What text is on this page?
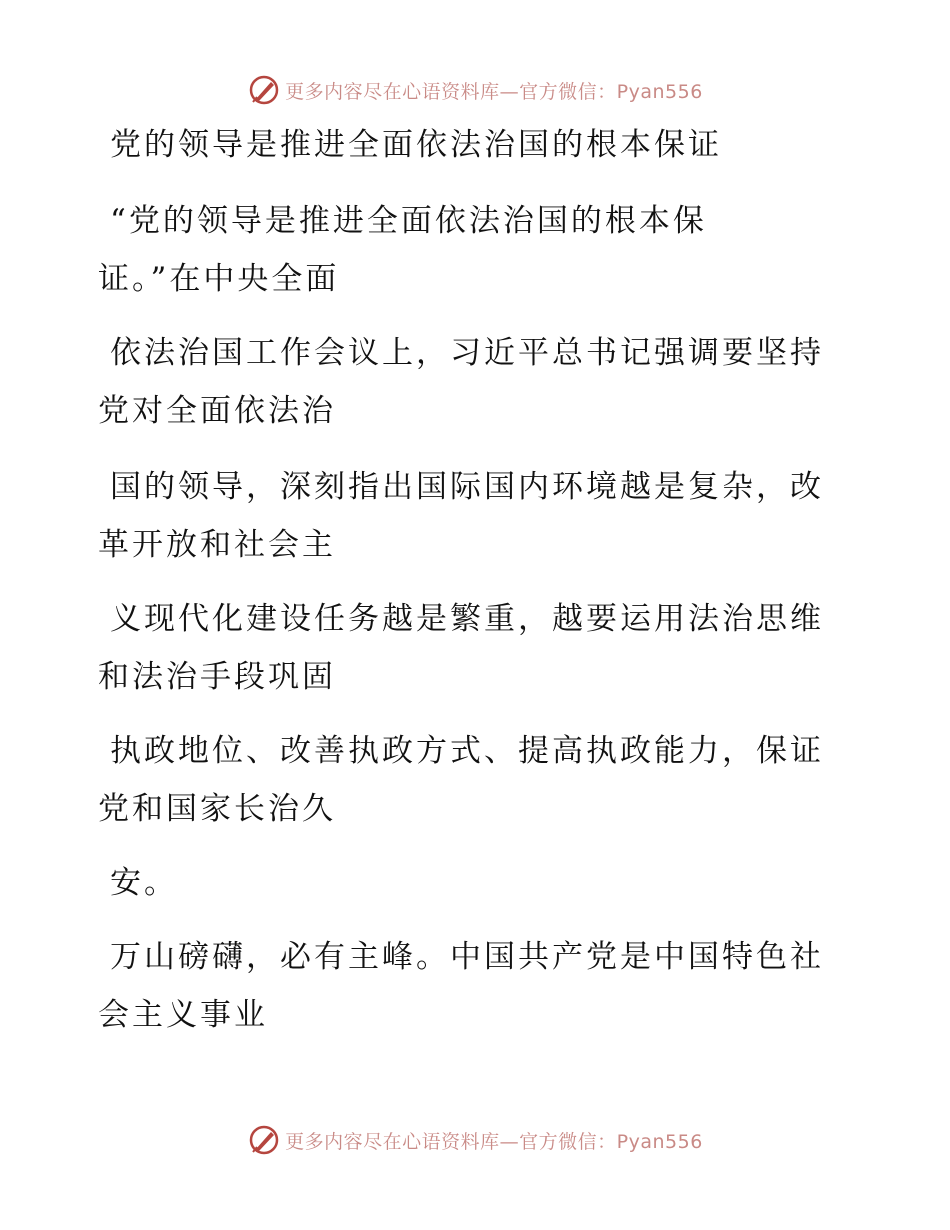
更多内容尽在心语资料库—官方微信：Pyan556

党的领导是推进全面依法治国的根本保证

“党的领导是推进全面依法治国的根本保

证。”在中央全面

依法治国工作会议上，习近平总书记强调要坚持

党对全面依法治

国的领导，深刻指出国际国内环境越是复杂，改

革开放和社会主

义现代化建设任务越是繁重，越要运用法治思维

和法治手段巩固

执政地位、改善执政方式、提高执政能力，保证

党和国家长治久

安。

万山磅礴，必有主峰。中国共产党是中国特色社

会主义事业

更多内容尽在心语资料库—官方微信：Pyan556
